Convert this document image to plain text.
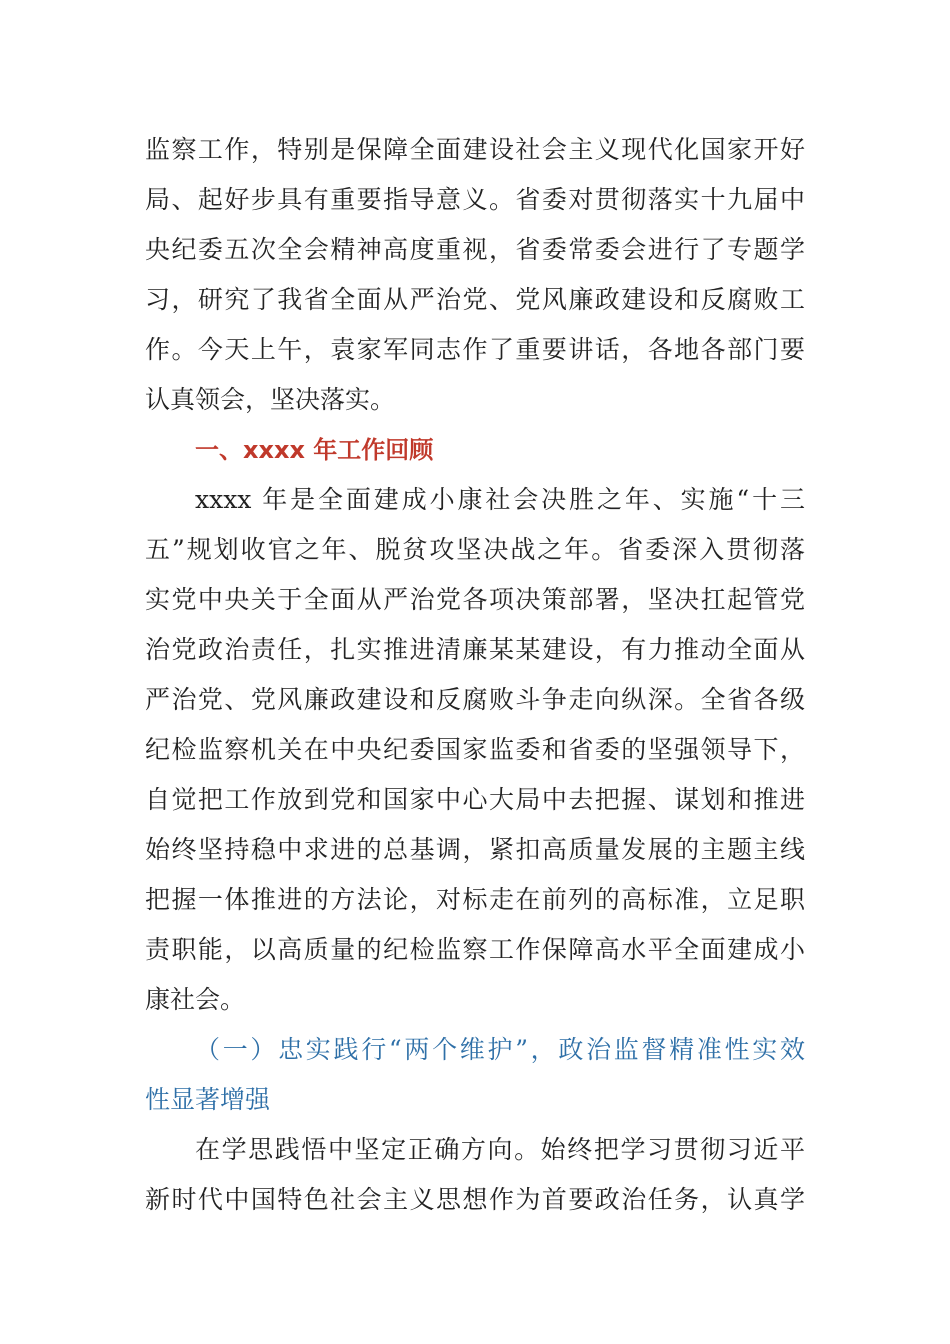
监察工作，特别是保障全面建设社会主义现代化国家开好
局、起好步具有重要指导意义。省委对贯彻落实十九届中
央纪委五次全会精神高度重视，省委常委会进行了专题学
习，研究了我省全面从严治党、党风廉政建设和反腐败工
作。今天上午，袁家军同志作了重要讲话，各地各部门要
认真领会，坚决落实。
一、xxxx 年工作回顾
xxxx 年是全面建成小康社会决胜之年、实施“十三
五”规划收官之年、脱贫攻坚决战之年。省委深入贯彻落
实党中央关于全面从严治党各项决策部署，坚决扛起管党
治党政治责任，扎实推进清廉某某建设，有力推动全面从
严治党、党风廉政建设和反腐败斗争走向纵深。全省各级
纪检监察机关在中央纪委国家监委和省委的坚强领导下，
自觉把工作放到党和国家中心大局中去把握、谋划和推进
始终坚持稳中求进的总基调，紧扣高质量发展的主题主线
把握一体推进的方法论，对标走在前列的高标准，立足职
责职能，以高质量的纪检监察工作保障高水平全面建成小
康社会。
（一）忠实践行“两个维护”，政治监督精准性实效
性显著增强
在学思践悟中坚定正确方向。始终把学习贯彻习近平
新时代中国特色社会主义思想作为首要政治任务，认真学
